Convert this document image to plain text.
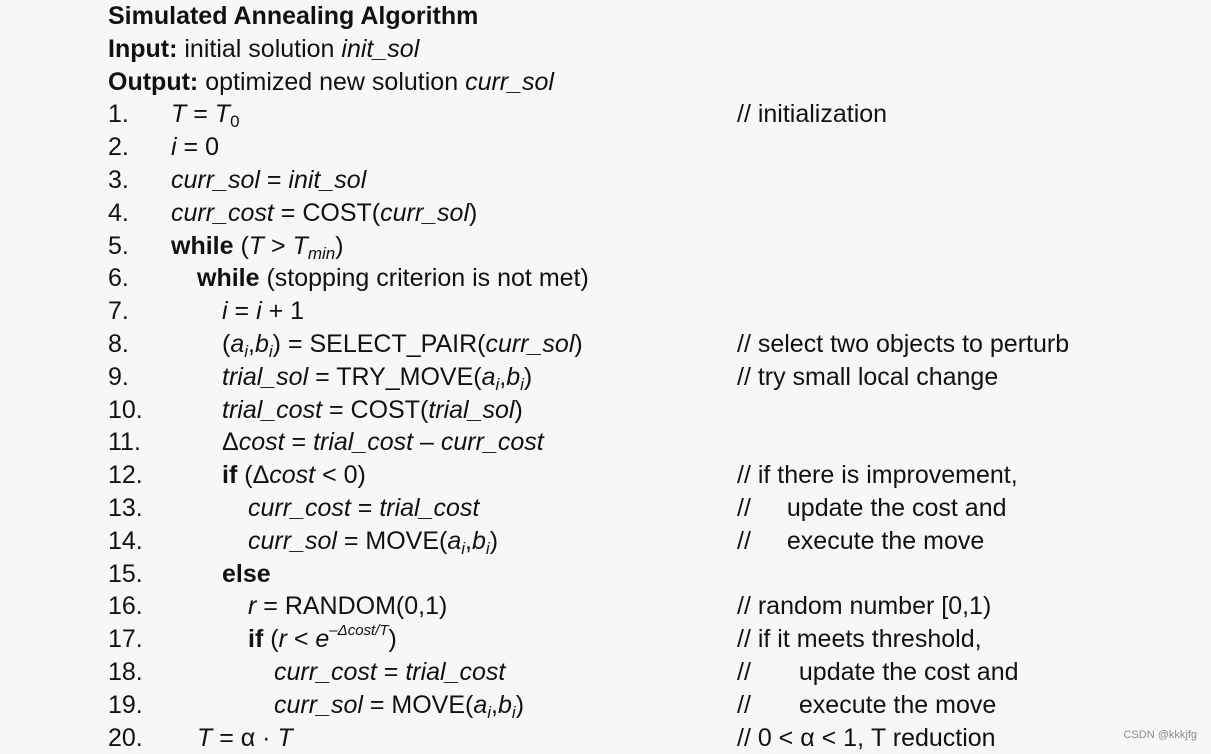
Simulated Annealing Algorithm
Input: initial solution init_sol
Output: optimized new solution curr_sol
1. $T = T_0$	// initialization
2. i = 0
3. curr_sol = init_sol
4. curr_cost = COST(curr_sol)
5. while $(T > T_{min})$
6.	while (stopping criterion is not met)
7.	i = i + 1
8.	$(a_i,b_i)$ = SELECT_PAIR(curr_sol)	// select two objects to perturb
9.	trial_sol = $TRY\_MOVE(a_i,b_i)$	// try small local change
10.	trial_cost = COST(trial_sol)
11.	Δcost = trial_cost – curr_cost
12.	if (Δcost < 0)	// if there is improvement,
13.	curr_cost = trial_cost	// update the cost and
14.	curr_sol = $MOVE(a_i,b_i)$	// execute the move
15.	else
16.	r = RANDOM(0,1)	// random number [0,1)
17.	if $(r < e^{-\Delta cost/T})$	// if it meets threshold,
18.	curr_cost = trial_cost	// update the cost and
19.	curr_sol = $MOVE(a_i,b_i)$	// execute the move
20. T = α · T	// 0 < α < 1, T reduction	CSDN @kkkjfg
